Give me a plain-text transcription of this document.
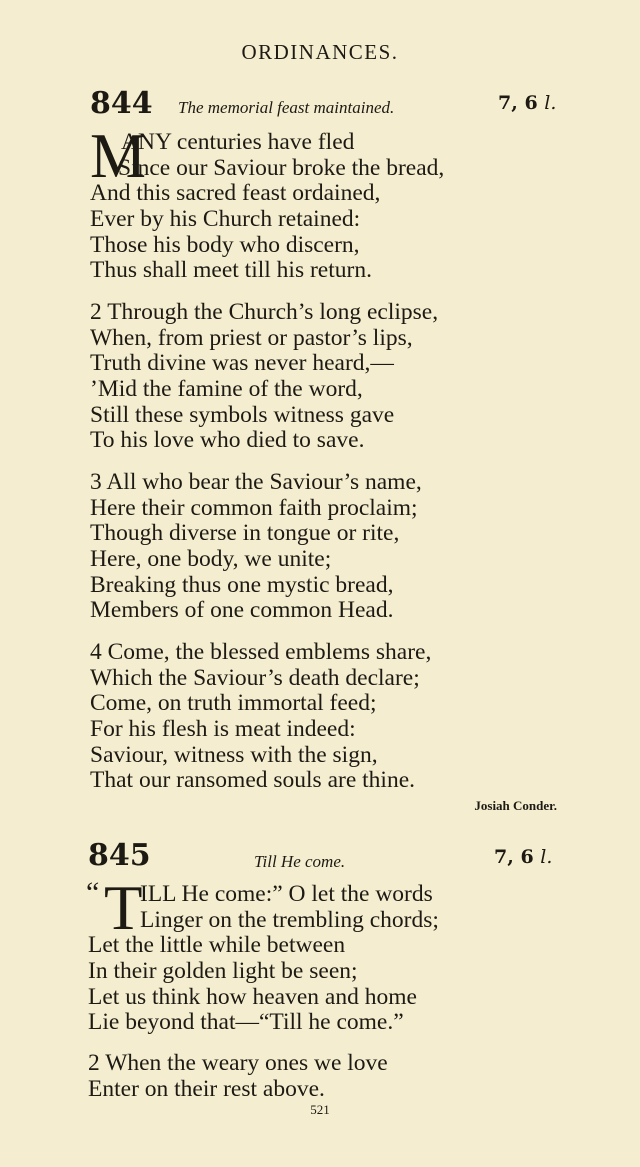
ORDINANCES.
844 The memorial feast maintained.	7, 6 l.
M
ANY centuries have fled
Since our Saviour broke the bread,
And this sacred feast ordained,
Ever by his Church retained:
Those his body who discern,
Thus shall meet till his return.
2 Through the Church’s long eclipse,
When, from priest or pastor’s lips,
Truth divine was never heard,—
’Mid the famine of the word,
Still these symbols witness gave
To his love who died to save.
3 All who bear the Saviour’s name,
Here their common faith proclaim;
Though diverse in tongue or rite,
Here, one body, we unite;
Breaking thus one mystic bread,
Members of one common Head.
4 Come, the blessed emblems share,
Which the Saviour’s death declare;
Come, on truth immortal feed;
For his flesh is meat indeed:
Saviour, witness with the sign,
That our ransomed souls are thine.
Josiah Conder.
845	Till He come.	7, 6 l.
“ T
ILL He come:” O let the words
Linger on the trembling chords;
Let the little while between
In their golden light be seen;
Let us think how heaven and home
Lie beyond that—“Till he come.”
2 When the weary ones we love
Enter on their rest above.
521
